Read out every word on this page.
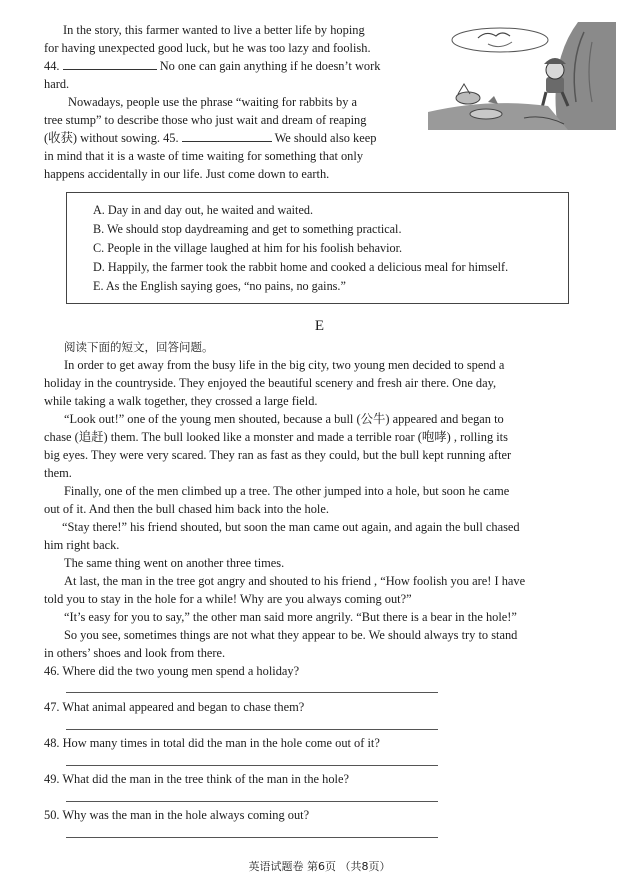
In the story, this farmer wanted to live a better life by hoping
for having unexpected good luck, but he was too lazy and foolish.
44.	No one can gain anything if he doesn’t work
hard.
Nowadays, people use the phrase “waiting for rabbits by a
tree stump” to describe those who just wait and dream of reaping
(收获) without sowing. 45.	We should also keep
in mind that it is a waste of time waiting for something that only
happens accidentally in our life. Just come down to earth.
A. Day in and day out, he waited and waited.
B. We should stop daydreaming and get to something practical.
C. People in the village laughed at him for his foolish behavior.
D. Happily, the farmer took the rabbit home and cooked a delicious meal for himself.
E. As the English saying goes, “no pains, no gains.”
E
阅读下面的短文，回答问题。
In order to get away from the busy life in the big city, two young men decided to spend a
holiday in the countryside. They enjoyed the beautiful scenery and fresh air there. One day,
while taking a walk together, they crossed a large field.
“Look out!” one of the young men shouted, because a bull (公牛) appeared and began to
chase (追赶) them. The bull looked like a monster and made a terrible roar (咆哮) , rolling its
big eyes. They were very scared. They ran as fast as they could, but the bull kept running after
them.
Finally, one of the men climbed up a tree. The other jumped into a hole, but soon he came
out of it. And then the bull chased him back into the hole.
“Stay there!” his friend shouted, but soon the man came out again, and again the bull chased
him right back.
The same thing went on another three times.
At last, the man in the tree got angry and shouted to his friend , “How foolish you are! I have
told you to stay in the hole for a while! Why are you always coming out?”
“It’s easy for you to say,” the other man said more angrily. “But there is a bear in the hole!”
So you see, sometimes things are not what they appear to be. We should always try to stand
in others’ shoes and look from there.
46. Where did the two young men spend a holiday?
47. What animal appeared and began to chase them?
48. How many times in total did the man in the hole come out of it?
49. What did the man in the tree think of the man in the hole?
50. Why was the man in the hole always coming out?
英语试题卷 第6页 （共8页）
